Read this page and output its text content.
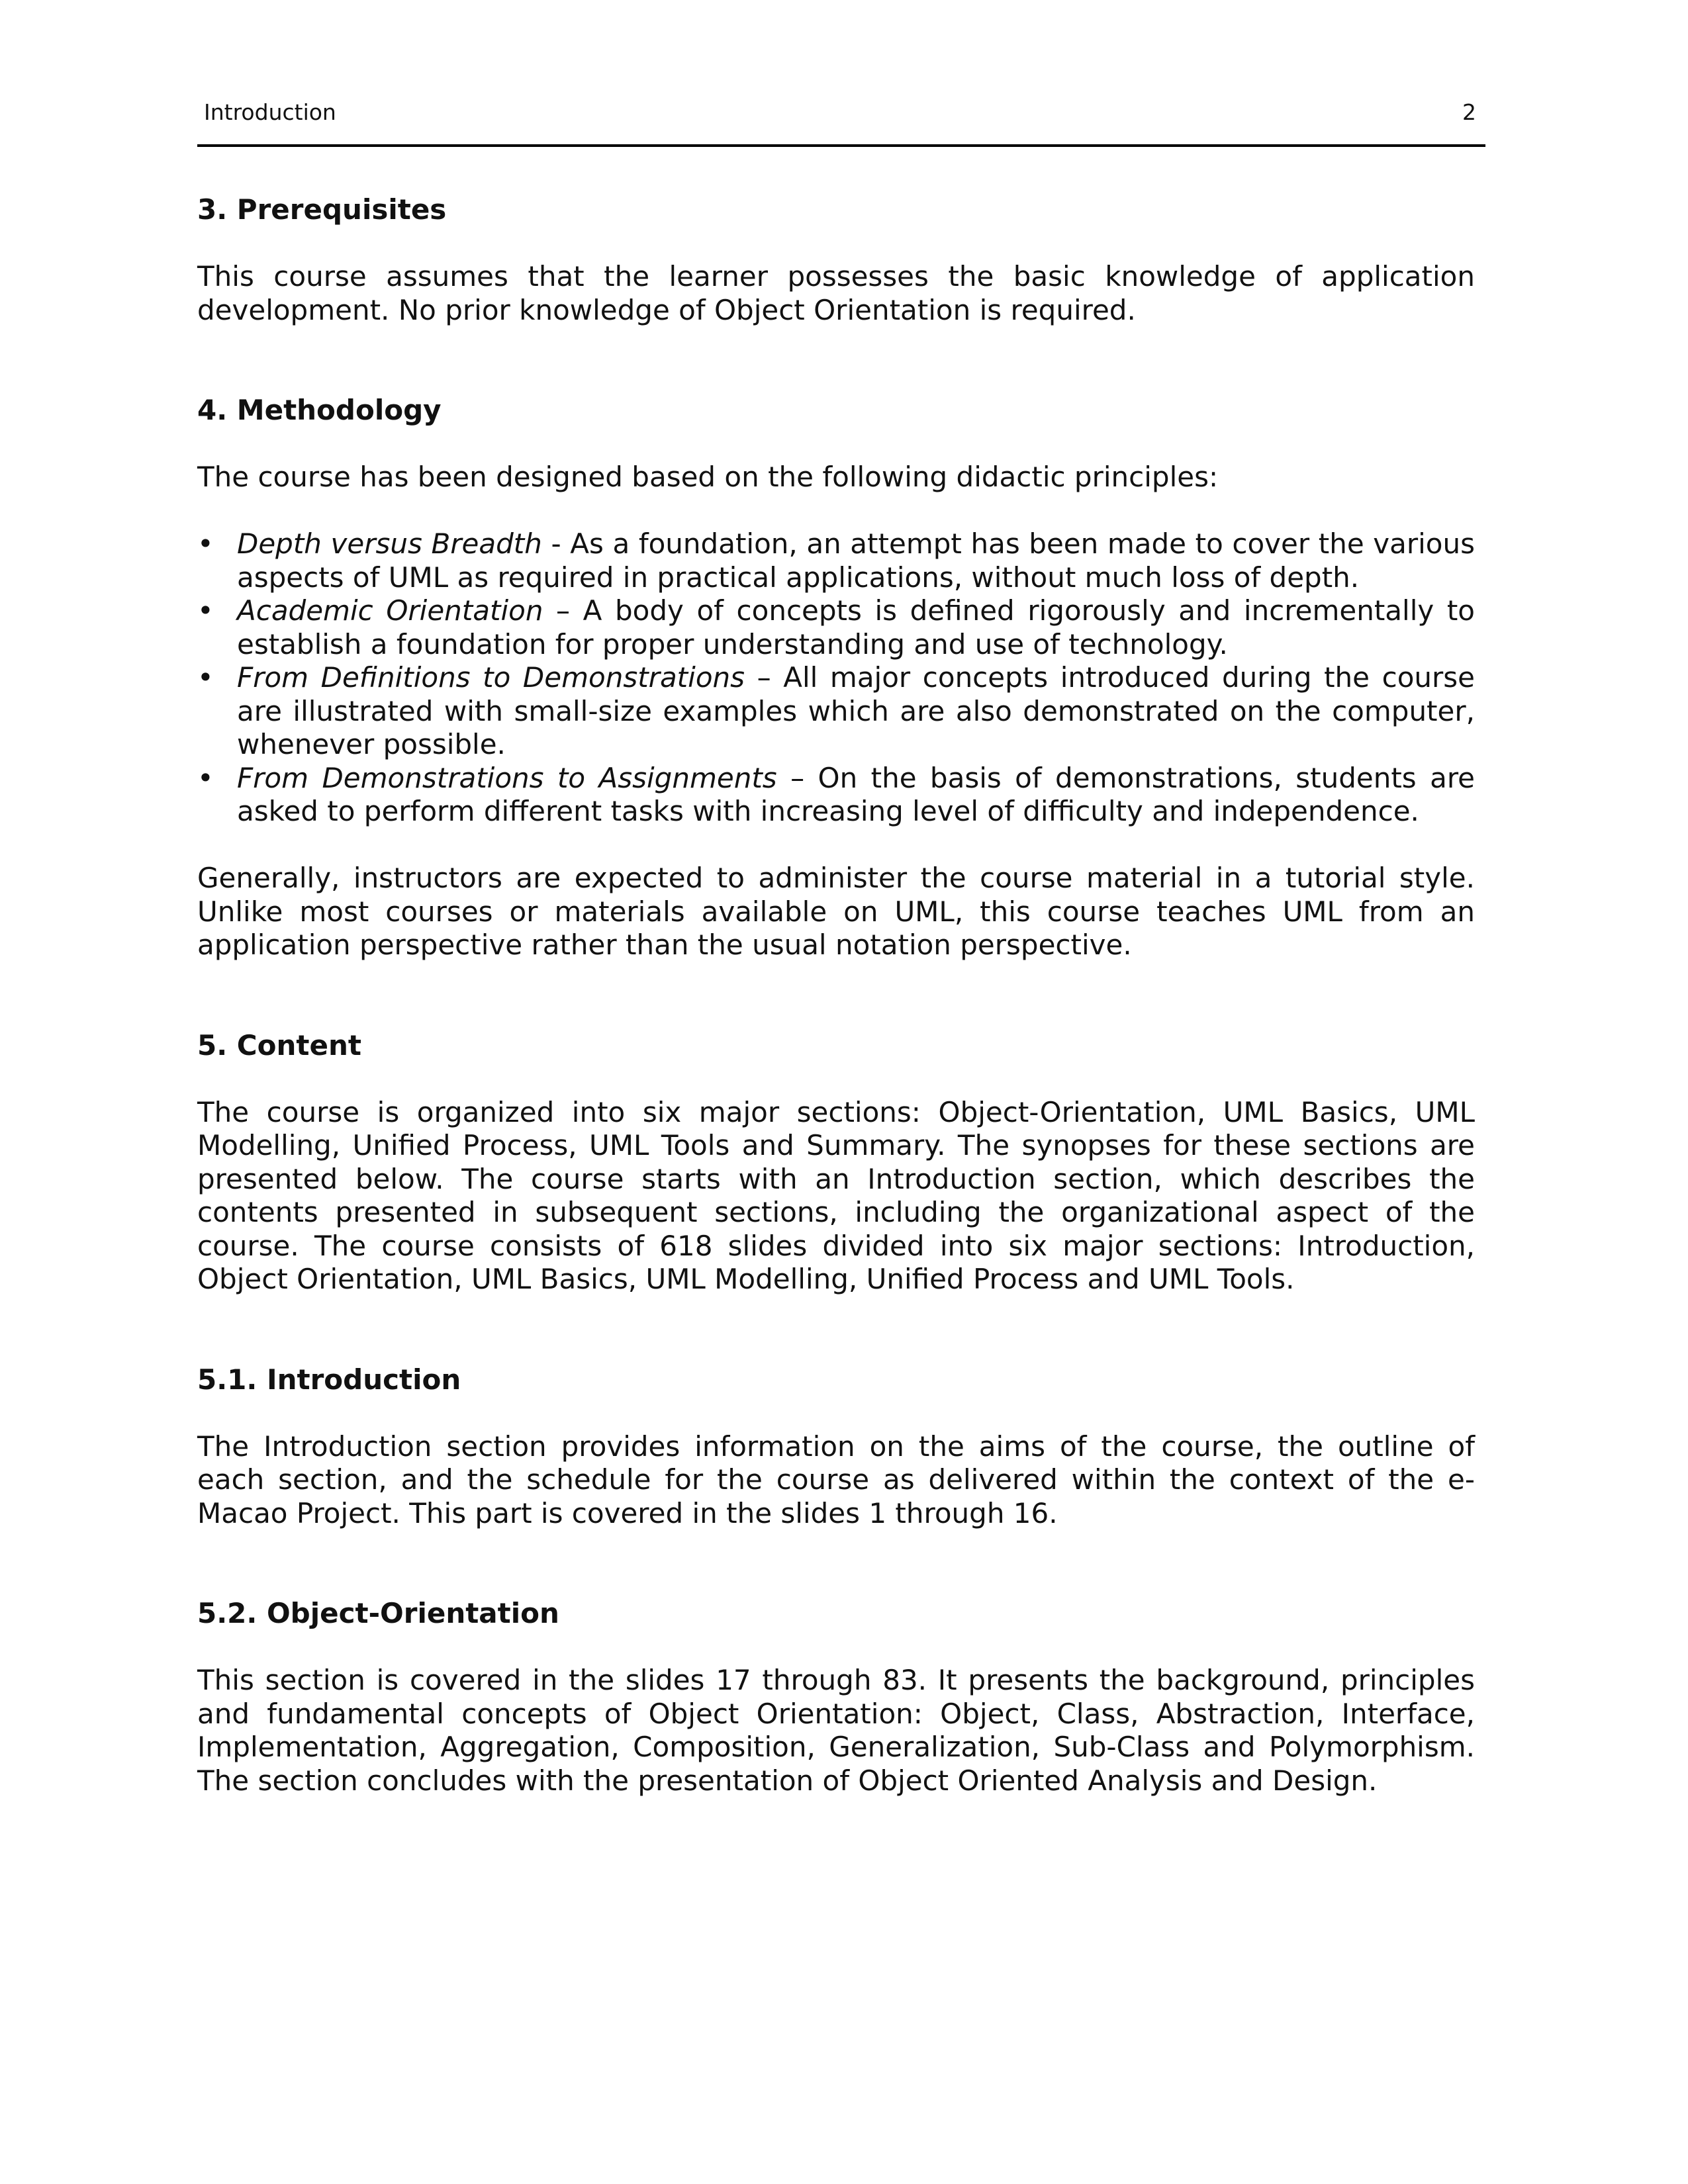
Introduction	2
3. Prerequisites

This course assumes that the learner possesses the basic knowledge of application development. No prior knowledge of Object Orientation is required.

4. Methodology

The course has been designed based on the following didactic principles:

• Depth versus Breadth - As a foundation, an attempt has been made to cover the various aspects of UML as required in practical applications, without much loss of depth.
• Academic Orientation – A body of concepts is defined rigorously and incrementally to establish a foundation for proper understanding and use of technology.
• From Definitions to Demonstrations – All major concepts introduced during the course are illustrated with small-size examples which are also demonstrated on the computer, whenever possible.
• From Demonstrations to Assignments – On the basis of demonstrations, students are asked to perform different tasks with increasing level of difficulty and independence.

Generally, instructors are expected to administer the course material in a tutorial style. Unlike most courses or materials available on UML, this course teaches UML from an application perspective rather than the usual notation perspective.

5. Content

The course is organized into six major sections: Object-Orientation, UML Basics, UML Modelling, Unified Process, UML Tools and Summary. The synopses for these sections are presented below. The course starts with an Introduction section, which describes the contents presented in subsequent sections, including the organizational aspect of the course. The course consists of 618 slides divided into six major sections: Introduction, Object Orientation, UML Basics, UML Modelling, Unified Process and UML Tools.

5.1. Introduction

The Introduction section provides information on the aims of the course, the outline of each section, and the schedule for the course as delivered within the context of the e-Macao Project. This part is covered in the slides 1 through 16.

5.2. Object-Orientation

This section is covered in the slides 17 through 83. It presents the background, principles and fundamental concepts of Object Orientation: Object, Class, Abstraction, Interface, Implementation, Aggregation, Composition, Generalization, Sub-Class and Polymorphism. The section concludes with the presentation of Object Oriented Analysis and Design.
